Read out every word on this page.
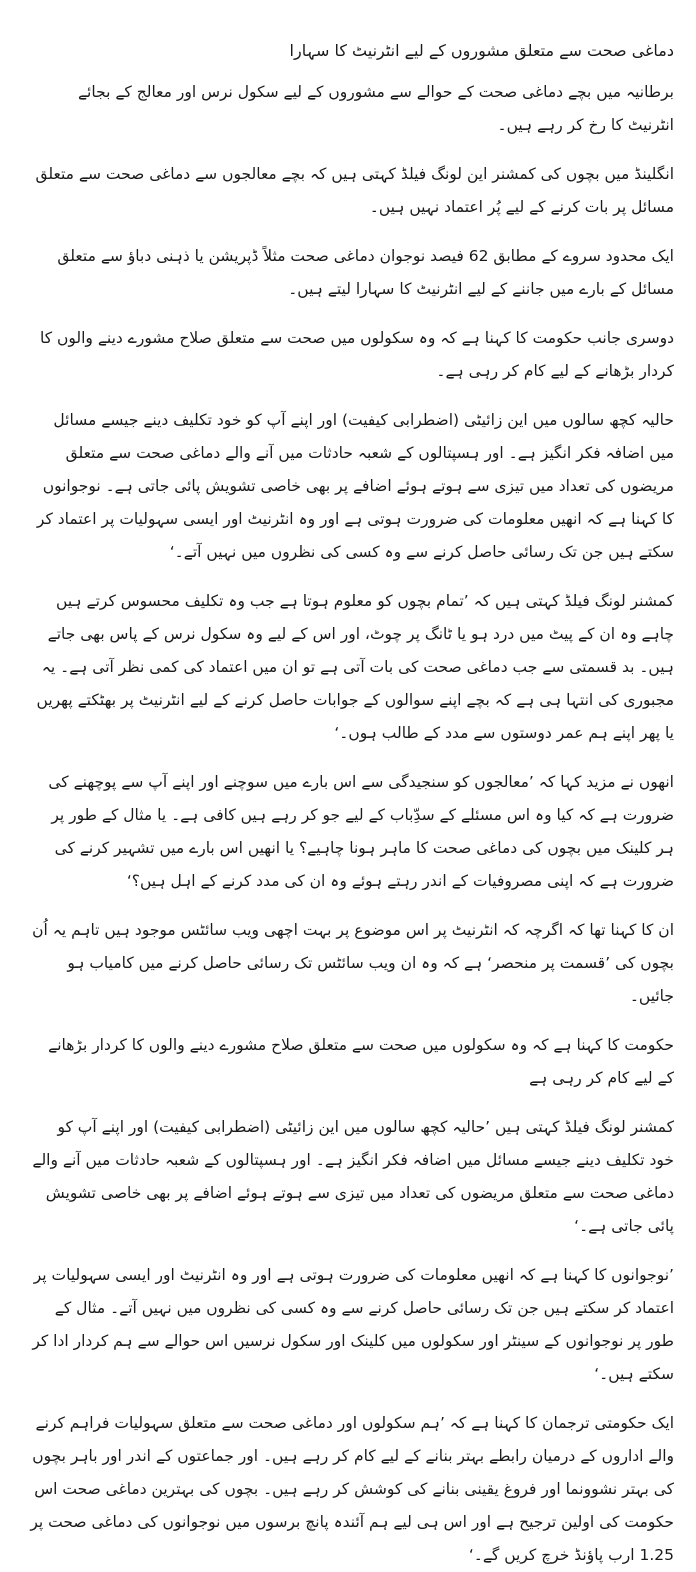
دماغی صحت سے متعلق مشوروں کے لیے انٹرنیٹ کا سہارا

برطانیہ میں بچے دماغی صحت کے حوالے سے مشوروں کے لیے سکول نرس اور معالج کے بجائے انٹرنیٹ کا رخ کر رہے ہیں۔

انگلینڈ میں بچوں کی کمشنر این لونگ فیلڈ کہتی ہیں کہ بچے معالجوں سے دماغی صحت سے متعلق مسائل پر بات کرنے کے لیے پُر اعتماد نہیں ہیں۔

ایک محدود سروے کے مطابق 62 فیصد نوجوان دماغی صحت مثلاً ڈپریشن یا ذہنی دباؤ سے متعلق مسائل کے بارے میں جاننے کے لیے انٹرنیٹ کا سہارا لیتے ہیں۔

دوسری جانب حکومت کا کہنا ہے کہ وہ سکولوں میں صحت سے متعلق صلاح مشورے دینے والوں کا کردار بڑھانے کے لیے کام کر رہی ہے۔

حالیہ کچھ سالوں میں این زائیٹی (اضطرابی کیفیت) اور اپنے آپ کو خود تکلیف دینے جیسے مسائل میں اضافہ فکر انگیز ہے۔ اور ہسپتالوں کے شعبہ حادثات میں آنے والے دماغی صحت سے متعلق مریضوں کی تعداد میں تیزی سے ہوتے ہوئے اضافے پر بھی خاصی تشویش پائی جاتی ہے۔ نوجوانوں کا کہنا ہے کہ انھیں معلومات کی ضرورت ہوتی ہے اور وہ انٹرنیٹ اور ایسی سہولیات پر اعتماد کر سکتے ہیں جن تک رسائی حاصل کرنے سے وہ کسی کی نظروں میں نہیں آتے۔‘

کمشنر لونگ فیلڈ کہتی ہیں کہ ’تمام بچوں کو معلوم ہوتا ہے جب وہ تکلیف محسوس کرتے ہیں چاہے وہ ان کے پیٹ میں درد ہو یا ٹانگ پر چوٹ، اور اس کے لیے وہ سکول نرس کے پاس بھی جاتے ہیں۔ بد قسمتی سے جب دماغی صحت کی بات آتی ہے تو ان میں اعتماد کی کمی نظر آتی ہے۔ یہ مجبوری کی انتہا ہی ہے کہ بچے اپنے سوالوں کے جوابات حاصل کرنے کے لیے انٹرنیٹ پر بھٹکتے پھریں یا پھر اپنے ہم عمر دوستوں سے مدد کے طالب ہوں۔‘

انھوں نے مزید کہا کہ ’معالجوں کو سنجیدگی سے اس بارے میں سوچنے اور اپنے آپ سے پوچھنے کی ضرورت ہے کہ کیا وہ اس مسئلے کے سدِّباب کے لیے جو کر رہے ہیں کافی ہے۔ یا مثال کے طور پر ہر کلینک میں بچوں کی دماغی صحت کا ماہر ہونا چاہیے؟ یا انھیں اس بارے میں تشہیر کرنے کی ضرورت ہے کہ اپنی مصروفیات کے اندر رہتے ہوئے وہ ان کی مدد کرنے کے اہل ہیں؟‘

ان کا کہنا تھا کہ اگرچہ کہ انٹرنیٹ پر اس موضوع پر بہت اچھی ویب سائٹس موجود ہیں تاہم یہ اُن بچوں کی ’قسمت پر منحصر‘ ہے کہ وہ ان ویب سائٹس تک رسائی حاصل کرنے میں کامیاب ہو جائیں۔

حکومت کا کہنا ہے کہ وہ سکولوں میں صحت سے متعلق صلاح مشورے دینے والوں کا کردار بڑھانے کے لیے کام کر رہی ہے

کمشنر لونگ فیلڈ کہتی ہیں ’حالیہ کچھ سالوں میں این زائیٹی (اضطرابی کیفیت) اور اپنے آپ کو خود تکلیف دینے جیسے مسائل میں اضافہ فکر انگیز ہے۔ اور ہسپتالوں کے شعبہ حادثات میں آنے والے دماغی صحت سے متعلق مریضوں کی تعداد میں تیزی سے ہوتے ہوئے اضافے پر بھی خاصی تشویش پائی جاتی ہے۔‘

’نوجوانوں کا کہنا ہے کہ انھیں معلومات کی ضرورت ہوتی ہے اور وہ انٹرنیٹ اور ایسی سہولیات پر اعتماد کر سکتے ہیں جن تک رسائی حاصل کرنے سے وہ کسی کی نظروں میں نہیں آتے۔ مثال کے طور پر نوجوانوں کے سینٹر اور سکولوں میں کلینک اور سکول نرسیں اس حوالے سے ہم کردار ادا کر سکتے ہیں۔‘

ایک حکومتی ترجمان کا کہنا ہے کہ ’ہم سکولوں اور دماغی صحت سے متعلق سہولیات فراہم کرنے والے اداروں کے درمیان رابطے بہتر بنانے کے لیے کام کر رہے ہیں۔ اور جماعتوں کے اندر اور باہر بچوں کی بہتر نشوونما اور فروغ یقینی بنانے کی کوشش کر رہے ہیں۔ بچوں کی بہترین دماغی صحت اس حکومت کی اولین ترجیح ہے اور اس ہی لیے ہم آئندہ پانچ برسوں میں نوجوانوں کی دماغی صحت پر 1.25 ارب پاؤنڈ خرچ کریں گے۔‘
